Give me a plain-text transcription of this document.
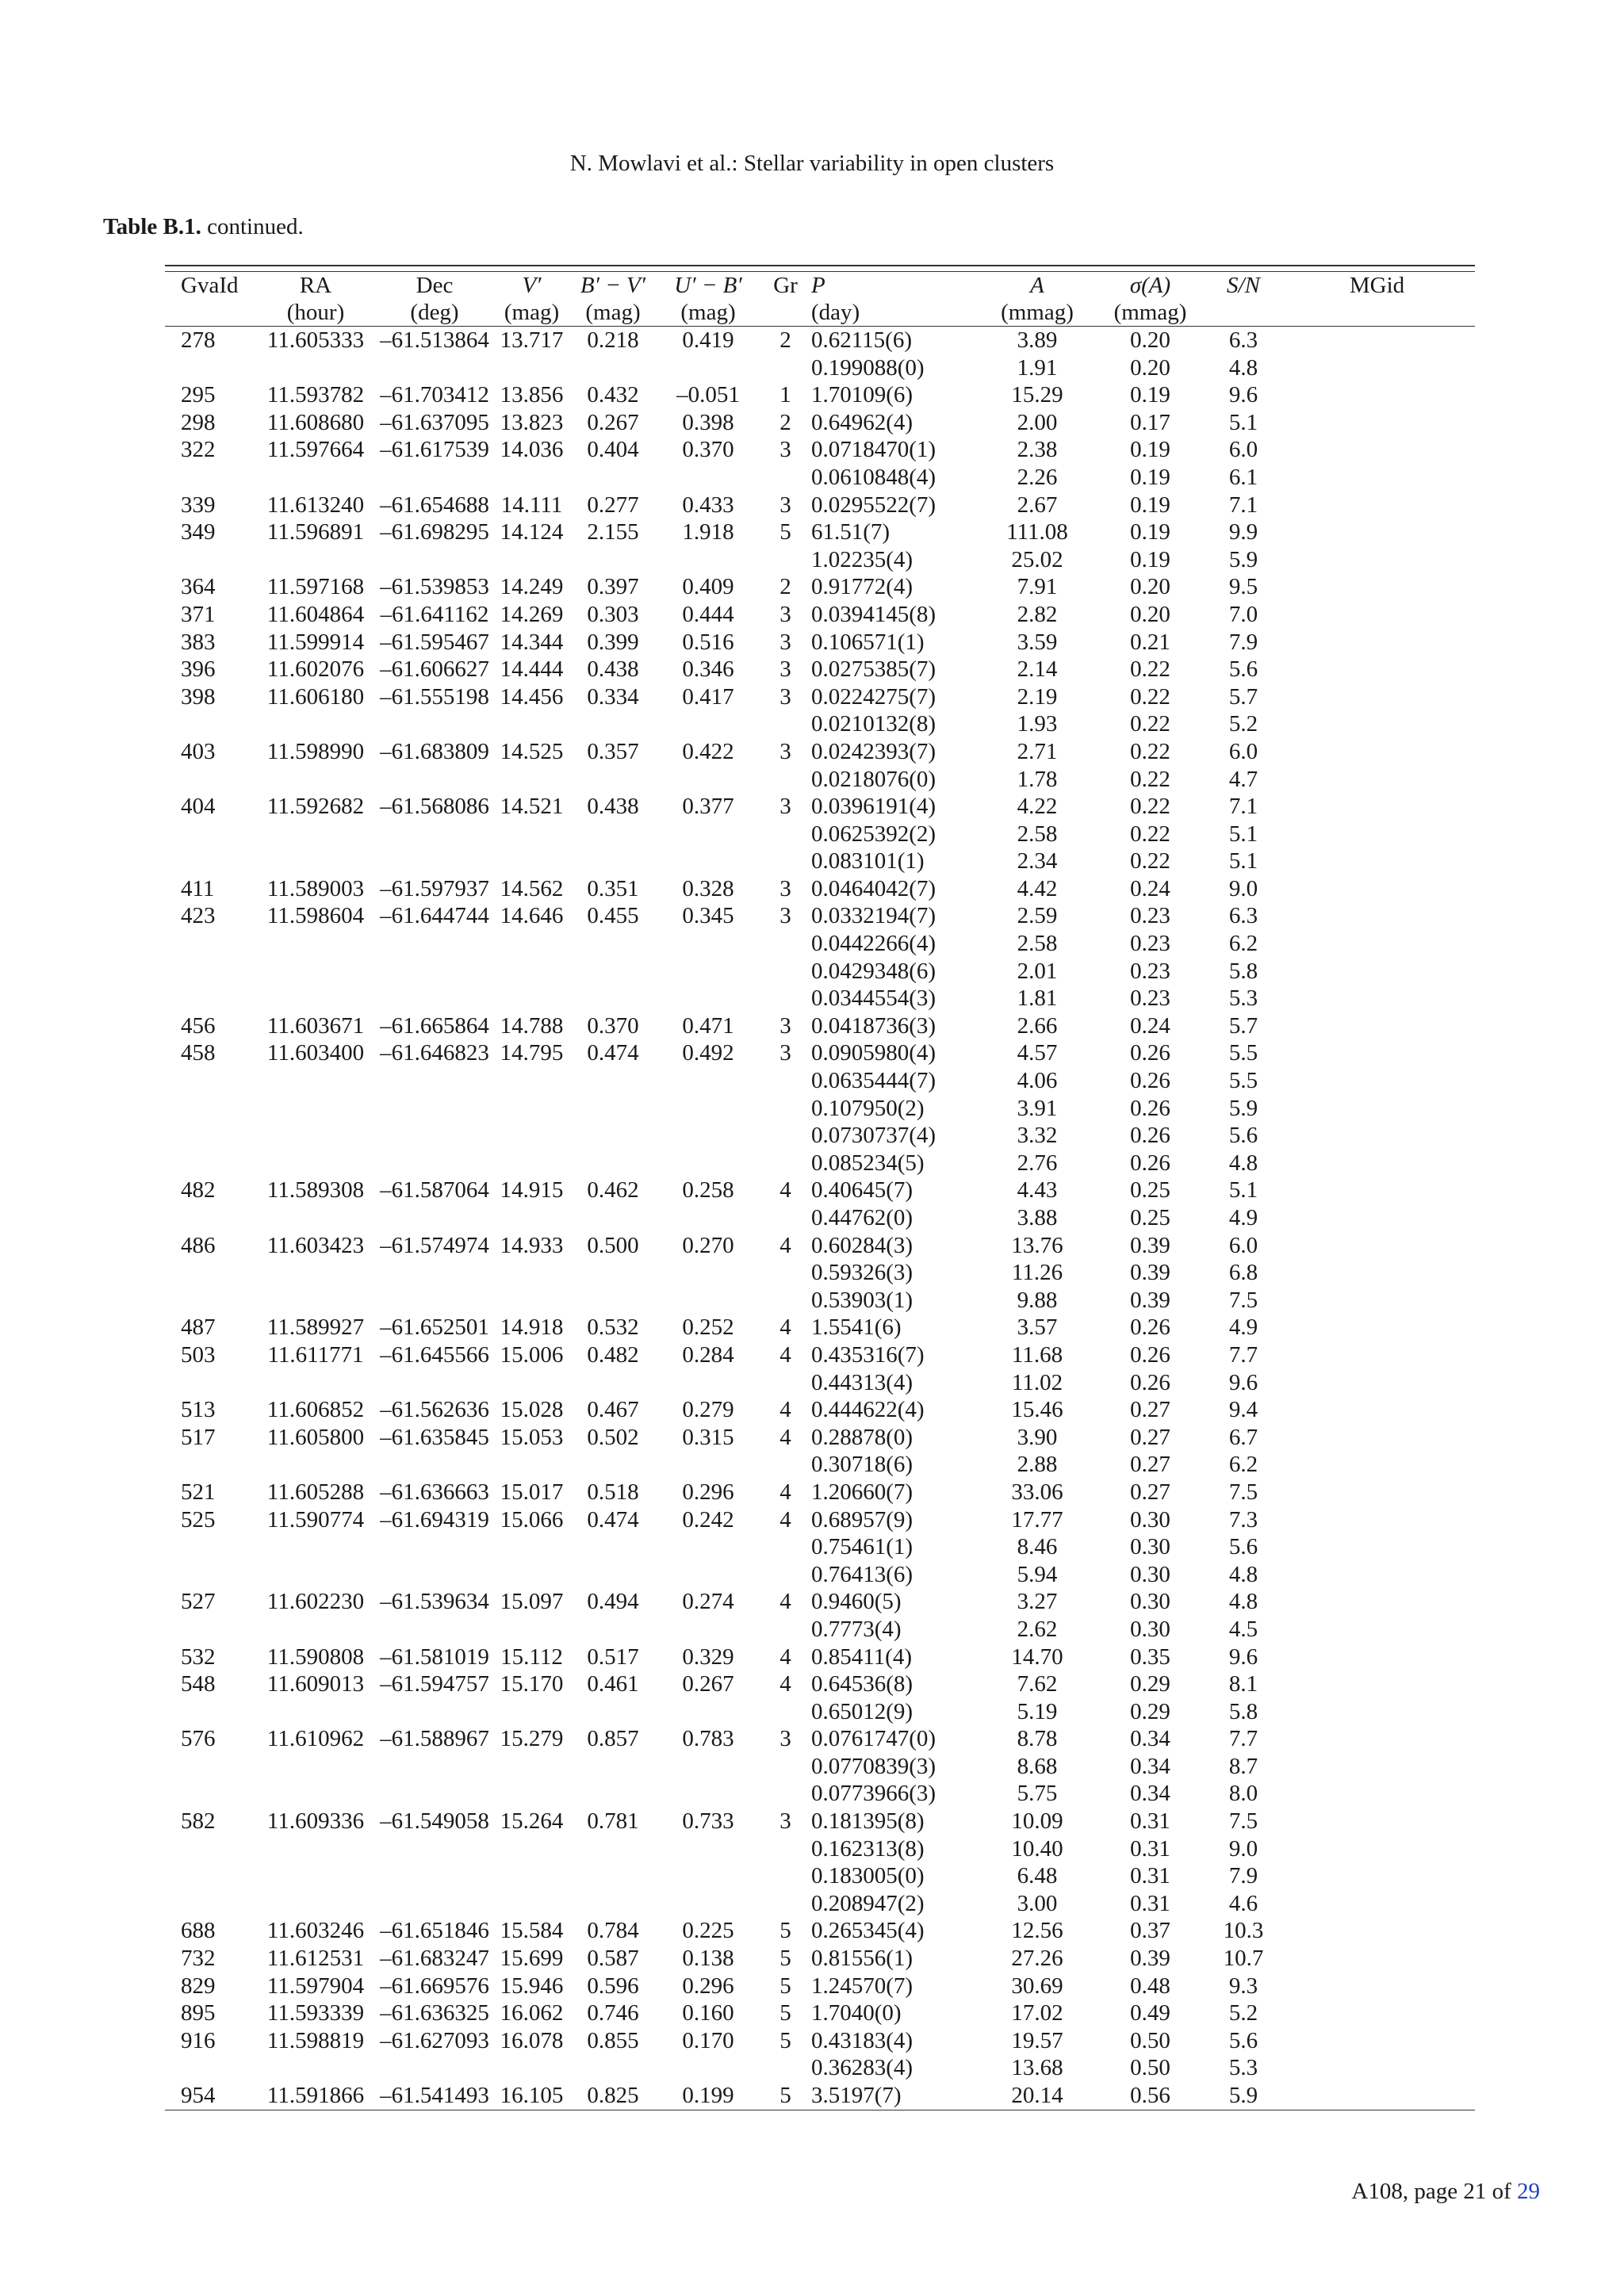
N. Mowlavi et al.: Stellar variability in open clusters
Table B.1. continued.
GvaId	RA	Dec	V′	B′ − V′	U′ − B′	Gr	P	A	σ(A)	S/N	MGid
	(hour)	(deg)	(mag)	(mag)	(mag)		(day)	(mmag)	(mmag)		
278	11.605333	–61.513864	13.717	0.218	0.419	2	0.62115(6)	3.89	0.20	6.3	
							0.199088(0)	1.91	0.20	4.8	
295	11.593782	–61.703412	13.856	0.432	–0.051	1	1.70109(6)	15.29	0.19	9.6	
298	11.608680	–61.637095	13.823	0.267	0.398	2	0.64962(4)	2.00	0.17	5.1	
322	11.597664	–61.617539	14.036	0.404	0.370	3	0.0718470(1)	2.38	0.19	6.0	
							0.0610848(4)	2.26	0.19	6.1	
339	11.613240	–61.654688	14.111	0.277	0.433	3	0.0295522(7)	2.67	0.19	7.1	
349	11.596891	–61.698295	14.124	2.155	1.918	5	61.51(7)	111.08	0.19	9.9	
							1.02235(4)	25.02	0.19	5.9	
364	11.597168	–61.539853	14.249	0.397	0.409	2	0.91772(4)	7.91	0.20	9.5	
371	11.604864	–61.641162	14.269	0.303	0.444	3	0.0394145(8)	2.82	0.20	7.0	
383	11.599914	–61.595467	14.344	0.399	0.516	3	0.106571(1)	3.59	0.21	7.9	
396	11.602076	–61.606627	14.444	0.438	0.346	3	0.0275385(7)	2.14	0.22	5.6	
398	11.606180	–61.555198	14.456	0.334	0.417	3	0.0224275(7)	2.19	0.22	5.7	
							0.0210132(8)	1.93	0.22	5.2	
403	11.598990	–61.683809	14.525	0.357	0.422	3	0.0242393(7)	2.71	0.22	6.0	
							0.0218076(0)	1.78	0.22	4.7	
404	11.592682	–61.568086	14.521	0.438	0.377	3	0.0396191(4)	4.22	0.22	7.1	
							0.0625392(2)	2.58	0.22	5.1	
							0.083101(1)	2.34	0.22	5.1	
411	11.589003	–61.597937	14.562	0.351	0.328	3	0.0464042(7)	4.42	0.24	9.0	
423	11.598604	–61.644744	14.646	0.455	0.345	3	0.0332194(7)	2.59	0.23	6.3	
							0.0442266(4)	2.58	0.23	6.2	
							0.0429348(6)	2.01	0.23	5.8	
							0.0344554(3)	1.81	0.23	5.3	
456	11.603671	–61.665864	14.788	0.370	0.471	3	0.0418736(3)	2.66	0.24	5.7	
458	11.603400	–61.646823	14.795	0.474	0.492	3	0.0905980(4)	4.57	0.26	5.5	
							0.0635444(7)	4.06	0.26	5.5	
							0.107950(2)	3.91	0.26	5.9	
							0.0730737(4)	3.32	0.26	5.6	
							0.085234(5)	2.76	0.26	4.8	
482	11.589308	–61.587064	14.915	0.462	0.258	4	0.40645(7)	4.43	0.25	5.1	
							0.44762(0)	3.88	0.25	4.9	
486	11.603423	–61.574974	14.933	0.500	0.270	4	0.60284(3)	13.76	0.39	6.0	
							0.59326(3)	11.26	0.39	6.8	
							0.53903(1)	9.88	0.39	7.5	
487	11.589927	–61.652501	14.918	0.532	0.252	4	1.5541(6)	3.57	0.26	4.9	
503	11.611771	–61.645566	15.006	0.482	0.284	4	0.435316(7)	11.68	0.26	7.7	
							0.44313(4)	11.02	0.26	9.6	
513	11.606852	–61.562636	15.028	0.467	0.279	4	0.444622(4)	15.46	0.27	9.4	
517	11.605800	–61.635845	15.053	0.502	0.315	4	0.28878(0)	3.90	0.27	6.7	
							0.30718(6)	2.88	0.27	6.2	
521	11.605288	–61.636663	15.017	0.518	0.296	4	1.20660(7)	33.06	0.27	7.5	
525	11.590774	–61.694319	15.066	0.474	0.242	4	0.68957(9)	17.77	0.30	7.3	
							0.75461(1)	8.46	0.30	5.6	
							0.76413(6)	5.94	0.30	4.8	
527	11.602230	–61.539634	15.097	0.494	0.274	4	0.9460(5)	3.27	0.30	4.8	
							0.7773(4)	2.62	0.30	4.5	
532	11.590808	–61.581019	15.112	0.517	0.329	4	0.85411(4)	14.70	0.35	9.6	
548	11.609013	–61.594757	15.170	0.461	0.267	4	0.64536(8)	7.62	0.29	8.1	
							0.65012(9)	5.19	0.29	5.8	
576	11.610962	–61.588967	15.279	0.857	0.783	3	0.0761747(0)	8.78	0.34	7.7	
							0.0770839(3)	8.68	0.34	8.7	
							0.0773966(3)	5.75	0.34	8.0	
582	11.609336	–61.549058	15.264	0.781	0.733	3	0.181395(8)	10.09	0.31	7.5	
							0.162313(8)	10.40	0.31	9.0	
							0.183005(0)	6.48	0.31	7.9	
							0.208947(2)	3.00	0.31	4.6	
688	11.603246	–61.651846	15.584	0.784	0.225	5	0.265345(4)	12.56	0.37	10.3	
732	11.612531	–61.683247	15.699	0.587	0.138	5	0.81556(1)	27.26	0.39	10.7	
829	11.597904	–61.669576	15.946	0.596	0.296	5	1.24570(7)	30.69	0.48	9.3	
895	11.593339	–61.636325	16.062	0.746	0.160	5	1.7040(0)	17.02	0.49	5.2	
916	11.598819	–61.627093	16.078	0.855	0.170	5	0.43183(4)	19.57	0.50	5.6	
							0.36283(4)	13.68	0.50	5.3	
954	11.591866	–61.541493	16.105	0.825	0.199	5	3.5197(7)	20.14	0.56	5.9	
A108, page 21 of 29
